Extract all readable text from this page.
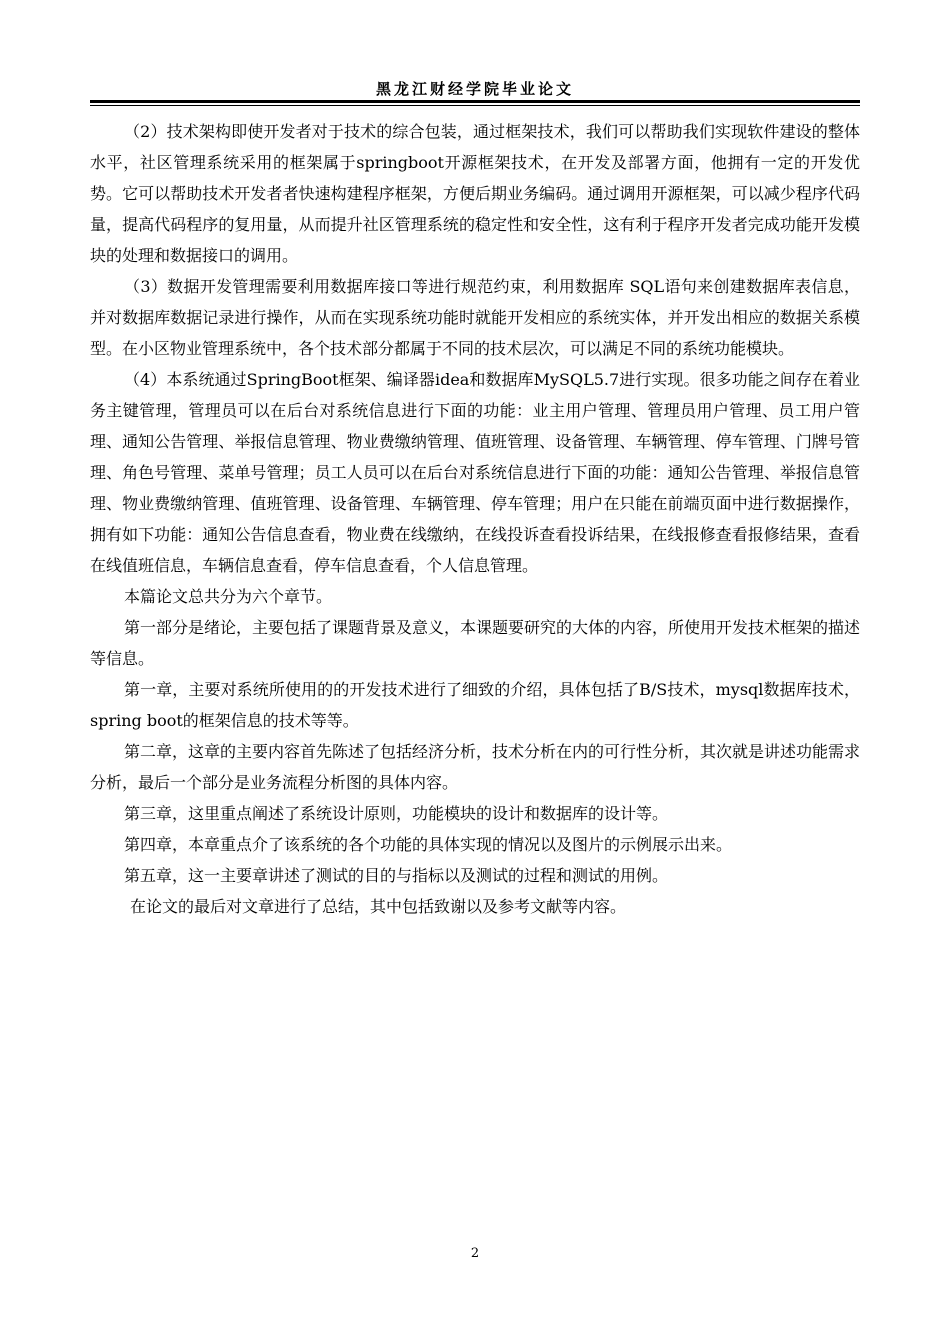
黑龙江财经学院毕业论文

（2）技术架构即使开发者对于技术的综合包装，通过框架技术，我们可以帮助我们实现软件建设的整体水平，社区管理系统采用的框架属于springboot开源框架技术，在开发及部署方面，他拥有一定的开发优势。它可以帮助技术开发者者快速构建程序框架，方便后期业务编码。通过调用开源框架，可以减少程序代码量，提高代码程序的复用量，从而提升社区管理系统的稳定性和安全性，这有利于程序开发者完成功能开发模块的处理和数据接口的调用。

（3）数据开发管理需要利用数据库接口等进行规范约束，利用数据库 SQL语句来创建数据库表信息，并对数据库数据记录进行操作，从而在实现系统功能时就能开发相应的系统实体，并开发出相应的数据关系模型。在小区物业管理系统中，各个技术部分都属于不同的技术层次，可以满足不同的系统功能模块。

（4）本系统通过SpringBoot框架、编译器idea和数据库MySQL5.7进行实现。很多功能之间存在着业务主键管理，管理员可以在后台对系统信息进行下面的功能：业主用户管理、管理员用户管理、员工用户管理、通知公告管理、举报信息管理、物业费缴纳管理、值班管理、设备管理、车辆管理、停车管理、门牌号管理、角色号管理、菜单号管理；员工人员可以在后台对系统信息进行下面的功能：通知公告管理、举报信息管理、物业费缴纳管理、值班管理、设备管理、车辆管理、停车管理；用户在只能在前端页面中进行数据操作，拥有如下功能：通知公告信息查看，物业费在线缴纳，在线投诉查看投诉结果，在线报修查看报修结果，查看在线值班信息，车辆信息查看，停车信息查看，个人信息管理。

本篇论文总共分为六个章节。

第一部分是绪论，主要包括了课题背景及意义，本课题要研究的大体的内容，所使用开发技术框架的描述等信息。

第一章，主要对系统所使用的的开发技术进行了细致的介绍，具体包括了B/S技术，mysql数据库技术，spring boot的框架信息的技术等等。

第二章，这章的主要内容首先陈述了包括经济分析，技术分析在内的可行性分析，其次就是讲述功能需求分析，最后一个部分是业务流程分析图的具体内容。

第三章，这里重点阐述了系统设计原则，功能模块的设计和数据库的设计等。

第四章，本章重点介了该系统的各个功能的具体实现的情况以及图片的示例展示出来。

第五章，这一主要章讲述了测试的目的与指标以及测试的过程和测试的用例。

在论文的最后对文章进行了总结，其中包括致谢以及参考文献等内容。

2
